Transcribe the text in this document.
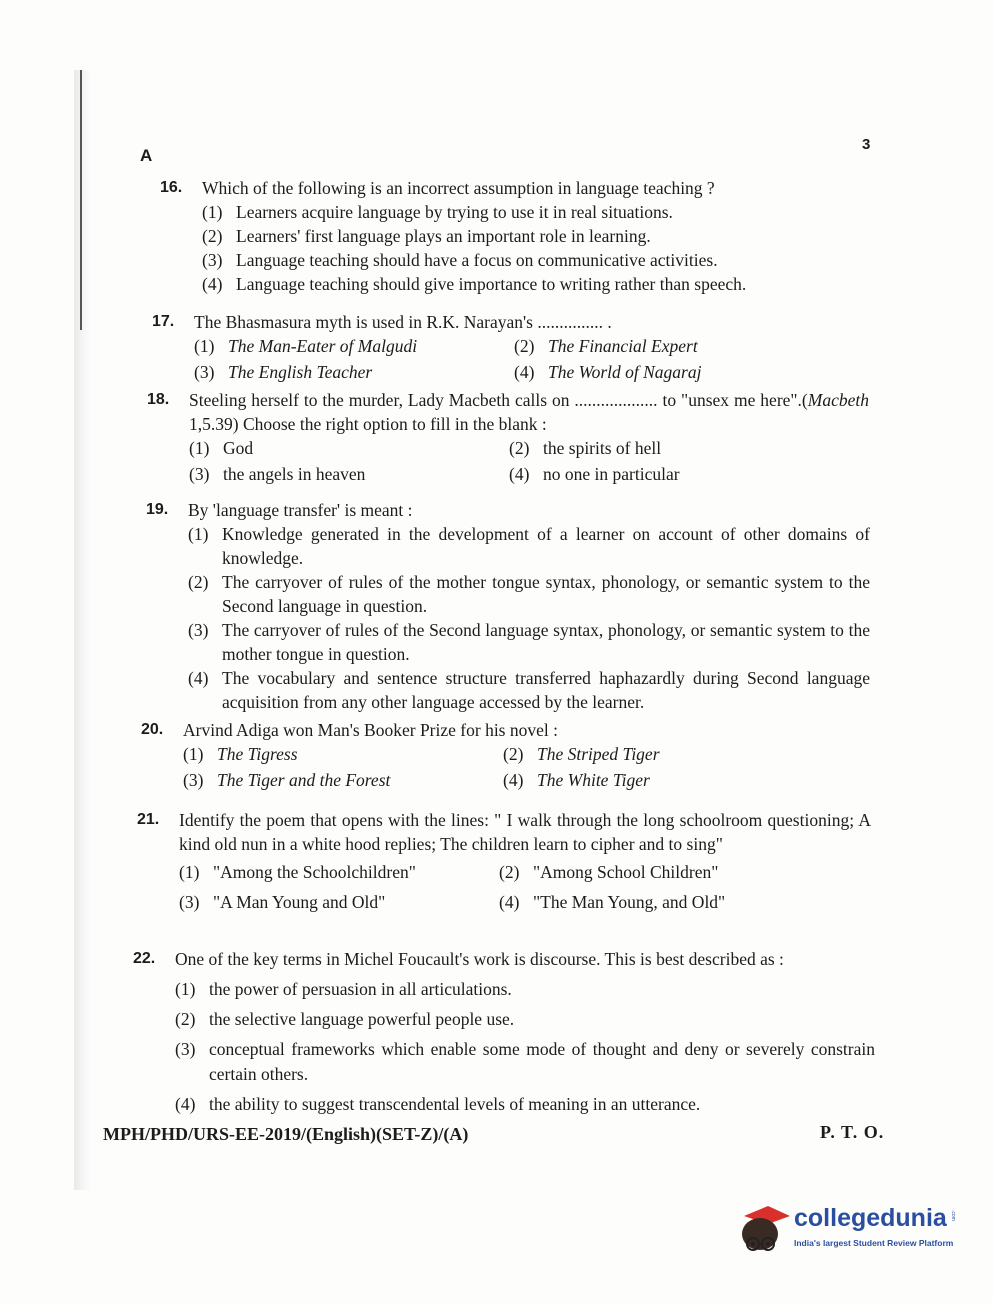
A
3
16. Which of the following is an incorrect assumption in language teaching ?
(1) Learners acquire language by trying to use it in real situations.
(2) Learners' first language plays an important role in learning.
(3) Language teaching should have a focus on communicative activities.
(4) Language teaching should give importance to writing rather than speech.
17. The Bhasmasura myth is used in R.K. Narayan's ............... .
(1) The Man-Eater of Malgudi	(2) The Financial Expert
(3) The English Teacher	(4) The World of Nagaraj
18. Steeling herself to the murder, Lady Macbeth calls on ................... to "unsex me here".(Macbeth 1,5.39) Choose the right option to fill in the blank :
(1) God	(2) the spirits of hell
(3) the angels in heaven	(4) no one in particular
19. By 'language transfer' is meant :
(1) Knowledge generated in the development of a learner on account of other domains of knowledge.
(2) The carryover of rules of the mother tongue syntax, phonology, or semantic system to the Second language in question.
(3) The carryover of rules of the Second language syntax, phonology, or semantic system to the mother tongue in question.
(4) The vocabulary and sentence structure transferred haphazardly during Second language acquisition from any other language accessed by the learner.
20. Arvind Adiga won Man's Booker Prize for his novel :
(1) The Tigress	(2) The Striped Tiger
(3) The Tiger and the Forest	(4) The White Tiger
21. Identify the poem that opens with the lines: " I walk through the long schoolroom questioning; A kind old nun in a white hood replies; The children learn to cipher and to sing"
(1) "Among the Schoolchildren"	(2) "Among School Children"
(3) "A Man Young and Old"	(4) "The Man Young, and Old"
22. One of the key terms in Michel Foucault's work is discourse. This is best described as :
(1) the power of persuasion in all articulations.
(2) the selective language powerful people use.
(3) conceptual frameworks which enable some mode of thought and deny or severely constrain certain others.
(4) the ability to suggest transcendental levels of meaning in an utterance.
MPH/PHD/URS-EE-2019/(English)(SET-Z)/(A)	P. T. O.
collegedunia .com
India's largest Student Review Platform
